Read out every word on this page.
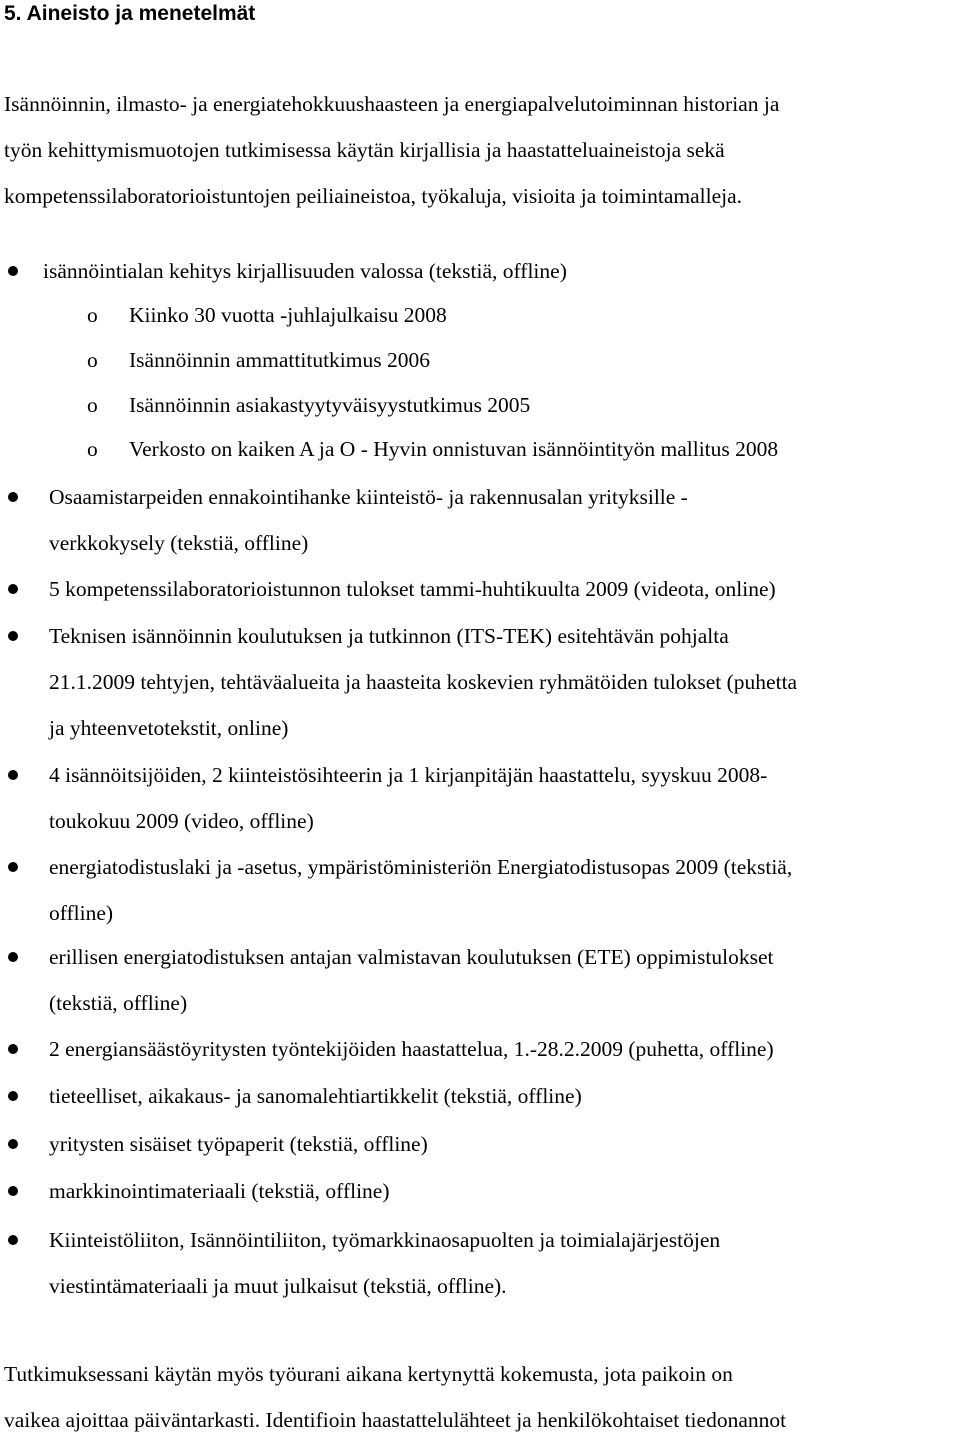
5. Aineisto ja menetelmät
Isännöinnin, ilmasto- ja energiatehokkuushaasteen ja energiapalvelutoiminnan historian ja
työn kehittymismuotojen tutkimisessa käytän kirjallisia ja haastatteluaineistoja sekä
kompetenssilaboratorioistuntojen peiliaineistoa, työkaluja, visioita ja toimintamalleja.
isännöintialan kehitys kirjallisuuden valossa (tekstiä, offline)
o Kiinko 30 vuotta -juhlajulkaisu 2008
o Isännöinnin ammattitutkimus 2006
o Isännöinnin asiakastyytyväisyystutkimus 2005
o Verkosto on kaiken A ja O - Hyvin onnistuvan isännöintityön mallitus 2008
Osaamistarpeiden ennakointihanke kiinteistö- ja rakennusalan yrityksille -
verkkokysely (tekstiä, offline)
5 kompetenssilaboratorioistunnon tulokset tammi-huhtikuulta 2009 (videota, online)
Teknisen isännöinnin koulutuksen ja tutkinnon (ITS-TEK) esitehtävän pohjalta
21.1.2009 tehtyjen, tehtäväalueita ja haasteita koskevien ryhmätöiden tulokset (puhetta
ja yhteenvetotekstit, online)
4 isännöitsijöiden, 2 kiinteistösihteerin ja 1 kirjanpitäjän haastattelu, syyskuu 2008-
toukokuu 2009 (video, offline)
energiatodistuslaki ja -asetus, ympäristöministeriön Energiatodistusopas 2009 (tekstiä,
offline)
erillisen energiatodistuksen antajan valmistavan koulutuksen (ETE) oppimistulokset
(tekstiä, offline)
2 energiansäästöyritysten työntekijöiden haastattelua, 1.-28.2.2009 (puhetta, offline)
tieteelliset, aikakaus- ja sanomalehtiartikkelit (tekstiä, offline)
yritysten sisäiset työpaperit (tekstiä, offline)
markkinointimateriaali (tekstiä, offline)
Kiinteistöliiton, Isännöintiliiton, työmarkkinaosapuolten ja toimialajärjestöjen
viestintämateriaali ja muut julkaisut (tekstiä, offline).
Tutkimuksessani käytän myös työurani aikana kertynyttä kokemusta, jota paikoin on
vaikea ajoittaa päiväntarkasti. Identifioin haastattelulähteet ja henkilökohtaiset tiedonannot
